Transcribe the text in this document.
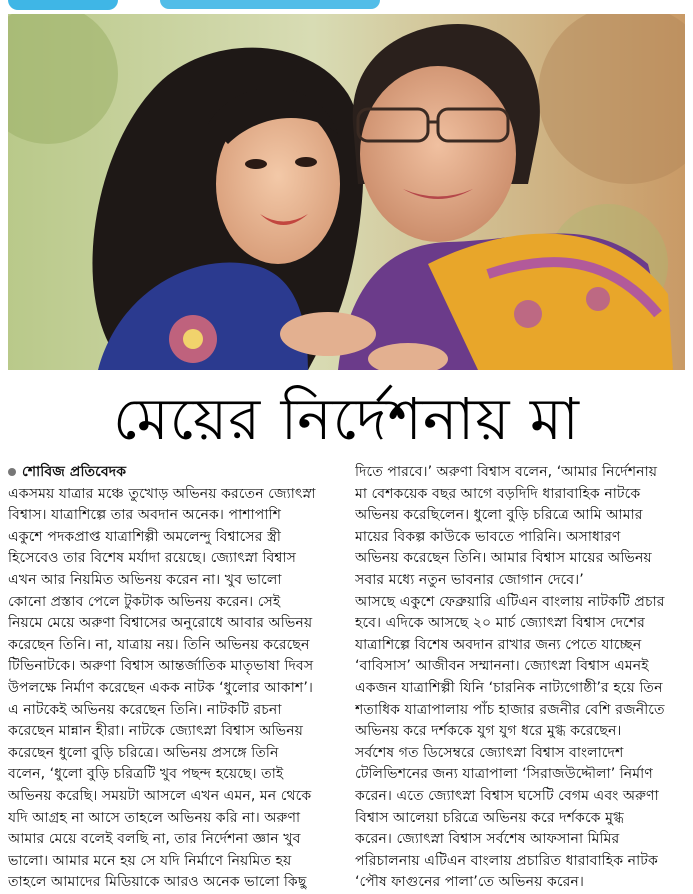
মেয়ের নির্দেশনায় মা
শোবিজ প্রতিবেদক
একসময় যাত্রার মঞ্চে তুখোড় অভিনয় করতেন জ্যোৎস্না
বিশ্বাস। যাত্রাশিল্পে তার অবদান অনেক। পাশাপাশি
একুশে পদকপ্রাপ্ত যাত্রাশিল্পী অমলেন্দু বিশ্বাসের স্ত্রী
হিসেবেও তার বিশেষ মর্যাদা রয়েছে। জ্যোৎস্না বিশ্বাস
এখন আর নিয়মিত অভিনয় করেন না। খুব ভালো
কোনো প্রস্তাব পেলে টুকটাক অভিনয় করেন। সেই
নিয়মে মেয়ে অরুণা বিশ্বাসের অনুরোধে আবার অভিনয়
করেছেন তিনি। না, যাত্রায় নয়। তিনি অভিনয় করেছেন
টিভিনাটকে। অরুণা বিশ্বাস আন্তর্জাতিক মাতৃভাষা দিবস
উপলক্ষে নির্মাণ করেছেন একক নাটক ‘ধুলোর আকাশ’।
এ নাটকেই অভিনয় করেছেন তিনি। নাটকটি রচনা
করেছেন মান্নান হীরা। নাটকে জ্যোৎস্না বিশ্বাস অভিনয়
করেছেন ধুলো বুড়ি চরিত্রে। অভিনয় প্রসঙ্গে তিনি
বলেন, ‘ধুলো বুড়ি চরিত্রটি খুব পছন্দ হয়েছে। তাই
অভিনয় করেছি। সময়টা আসলে এখন এমন, মন থেকে
যদি আগ্রহ না আসে তাহলে অভিনয় করি না। অরুণা
আমার মেয়ে বলেই বলছি না, তার নির্দেশনা জ্ঞান খুব
ভালো। আমার মনে হয় সে যদি নির্মাণে নিয়মিত হয়
তাহলে আমাদের মিডিয়াকে আরও অনেক ভালো কিছু
দিতে পারবে।’ অরুণা বিশ্বাস বলেন, ‘আমার নির্দেশনায়
মা বেশকয়েক বছর আগে বড়দিদি ধারাবাহিক নাটকে
অভিনয় করেছিলেন। ধুলো বুড়ি চরিত্রে আমি আমার
মায়ের বিকল্প কাউকে ভাবতে পারিনি। অসাধারণ
অভিনয় করেছেন তিনি। আমার বিশ্বাস মায়ের অভিনয়
সবার মধ্যে নতুন ভাবনার জোগান দেবে।’
আসছে একুশে ফেব্রুয়ারি এটিএন বাংলায় নাটকটি প্রচার
হবে। এদিকে আসছে ২০ মার্চ জ্যোৎস্না বিশ্বাস দেশের
যাত্রাশিল্পে বিশেষ অবদান রাখার জন্য পেতে যাচ্ছেন
‘বাবিসাস’ আজীবন সম্মাননা। জ্যোৎস্না বিশ্বাস এমনই
একজন যাত্রাশিল্পী যিনি ‘চারনিক নাট্যগোষ্ঠী’র হয়ে তিন
শতাধিক যাত্রাপালায় পাঁচ হাজার রজনীর বেশি রজনীতে
অভিনয় করে দর্শককে যুগ যুগ ধরে মুগ্ধ করেছেন।
সর্বশেষ গত ডিসেম্বরে জ্যোৎস্না বিশ্বাস বাংলাদেশ
টেলিভিশনের জন্য যাত্রাপালা ‘সিরাজউদ্দৌলা’ নির্মাণ
করেন। এতে জ্যোৎস্না বিশ্বাস ঘসেটি বেগম এবং অরুণা
বিশ্বাস আলেয়া চরিত্রে অভিনয় করে দর্শককে মুগ্ধ
করেন। জ্যোৎস্না বিশ্বাস সর্বশেষ আফসানা মিমির
পরিচালনায় এটিএন বাংলায় প্রচারিত ধারাবাহিক নাটক
‘পৌষ ফাগুনের পালা’তে অভিনয় করেন।
